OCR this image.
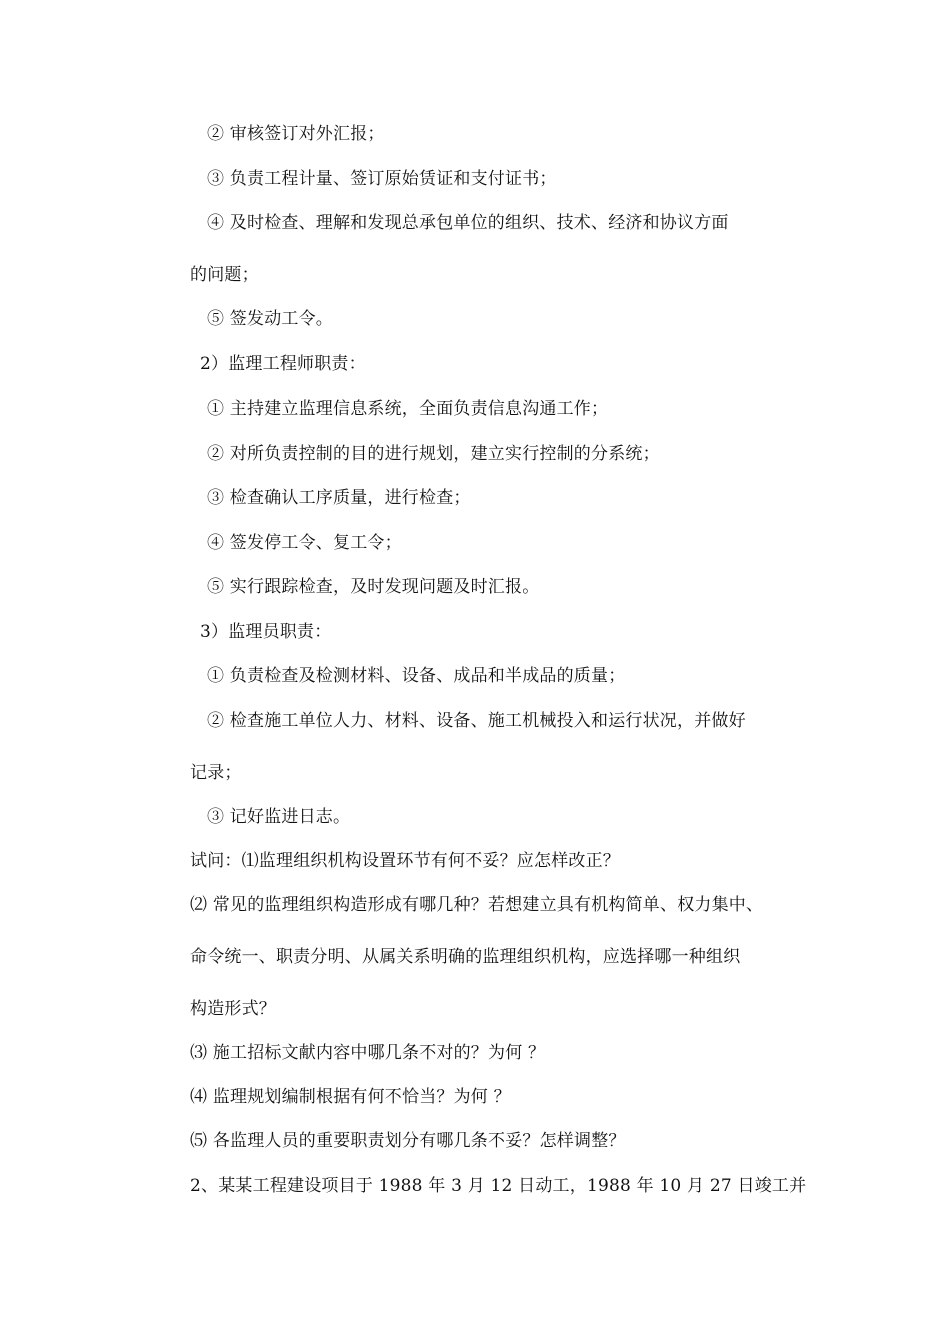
② 审核签订对外汇报；
③ 负责工程计量、签订原始赁证和支付证书；
④ 及时检查、理解和发现总承包单位的组织、技术、经济和协议方面
的问题；
⑤ 签发动工令。
2）监理工程师职责：
① 主持建立监理信息系统，全面负责信息沟通工作；
② 对所负责控制的目的进行规划，建立实行控制的分系统；
③ 检查确认工序质量，进行检查；
④ 签发停工令、复工令；
⑤ 实行跟踪检查，及时发现问题及时汇报。
3）监理员职责：
① 负责检查及检测材料、设备、成品和半成品的质量；
② 检查施工单位人力、材料、设备、施工机械投入和运行状况，并做好
记录；
③ 记好监进日志。
试问：⑴监理组织机构设置环节有何不妥？应怎样改正？
⑵ 常见的监理组织构造形成有哪几种？若想建立具有机构简单、权力集中、
命令统一、职责分明、从属关系明确的监理组织机构，应选择哪一种组织
构造形式？
⑶ 施工招标文献内容中哪几条不对的？为何 ？
⑷ 监理规划编制根据有何不恰当？为何 ？
⑸ 各监理人员的重要职责划分有哪几条不妥？怎样调整？
2、某某工程建设项目于 1988 年 3 月 12 日动工，1988 年 10 月 27 日竣工并
